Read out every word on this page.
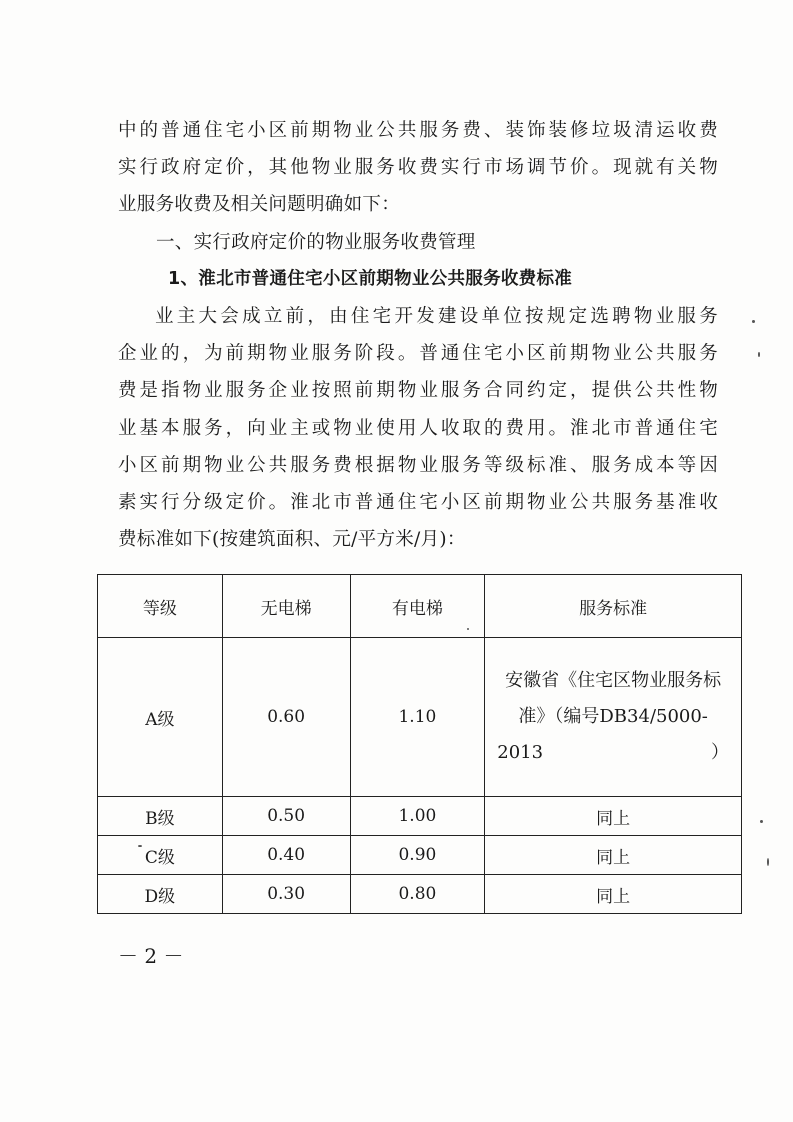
中的普通住宅小区前期物业公共服务费、装饰装修垃圾清运收费
实行政府定价，其他物业服务收费实行市场调节价。现就有关物
业服务收费及相关问题明确如下：
一、实行政府定价的物业服务收费管理
1、淮北市普通住宅小区前期物业公共服务收费标准
业主大会成立前，由住宅开发建设单位按规定选聘物业服务
企业的，为前期物业服务阶段。普通住宅小区前期物业公共服务
费是指物业服务企业按照前期物业服务合同约定，提供公共性物
业基本服务，向业主或物业使用人收取的费用。淮北市普通住宅
小区前期物业公共服务费根据物业服务等级标准、服务成本等因
素实行分级定价。淮北市普通住宅小区前期物业公共服务基准收
费标准如下(按建筑面积、元/平方米/月)：
等级	无电梯	有电梯	服务标准
A级	0.60	1.10	安徽省《住宅区物业服务标准》（编号DB34/5000-2013）
B级	0.50	1.00	同上
C级	0.40	0.90	同上
D级	0.30	0.80	同上
－ 2 －
